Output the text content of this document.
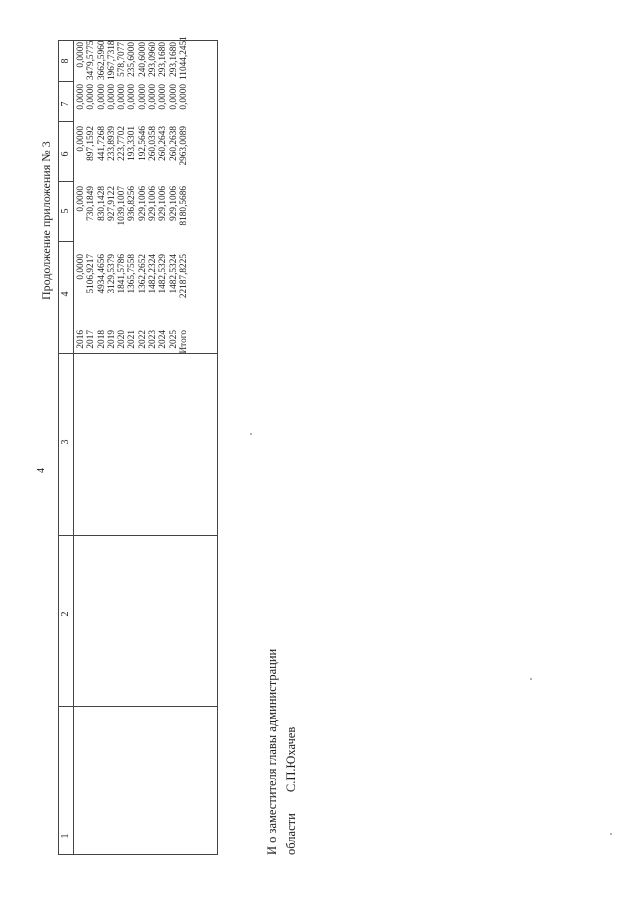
4
Продолжение приложения № 3
1
2
3
4
5
6
7
8
2016 2017 2018 2019 2020 2021 2022 2023 2024 2025 Итого
0,0000 5106,9217 4934,4656 3129,5379 1841,5786 1365,7558 1362,2652 1482,2324 1482,5329 1482,5324 22187,8225
0,0000 730,1849 830,1428 927,9122 1039,1007 936,8256 929,1006 929,1006 929,1006 929,1006 8180,5686
0,0000 897,1592 441,7268 233,8939 223,7702 193,3301 192,5646 260,0358 260,2643 260,2638 2963,0089
0,0000 0,0000 0,0000 0,0000 0,0000 0,0000 0,0000 0,0000 0,0000 0,0000 0,0000
0,0000 3479,5775 3662,5960 1967,7318 578,7077 235,6000 240,6000 293,0960 293,1680 293,1680 11044,2451
И о заместителя главы администрации области С.П.Юхачев
